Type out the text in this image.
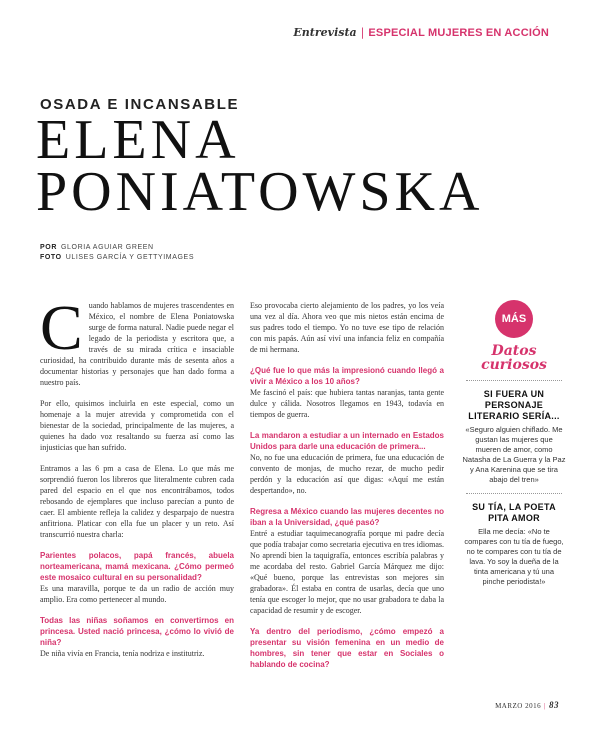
Entrevista | ESPECIAL MUJERES EN ACCIÓN
OSADA E INCANSABLE
ELENA
PONIATOWSKA
POR GLORIA AGUIAR GREEN
FOTO ULISES GARCÍA Y GETTYIMAGES

Cuando hablamos de mujeres trascendentes en México, el nombre de Elena Poniatowska surge de forma natural. Nadie puede negar el legado de la periodista y escritora que, a través de su mirada crítica e insaciable curiosidad, ha contribuido durante más de sesenta años a documentar historias y personajes que han dado forma a nuestro país.

Por ello, quisimos incluirla en este especial, como un homenaje a la mujer atrevida y comprometida con el bienestar de la sociedad, principalmente de las mujeres, a quienes ha dado voz resaltando su fuerza así como las injusticias que han sufrido.

Entramos a las 6 pm a casa de Elena. Lo que más me sorprendió fueron los libreros que literalmente cubren cada pared del espacio en el que nos encontrábamos, todos rebosando de ejemplares que incluso parecían a punto de caer. El ambiente refleja la calidez y desparpajo de nuestra anfitriona. Platicar con ella fue un placer y un reto. Así transcurrió nuestra charla:

Parientes polacos, papá francés, abuela norteamericana, mamá mexicana. ¿Cómo permeó este mosaico cultural en su personalidad?
Es una maravilla, porque te da un radio de acción muy amplio. Era como pertenecer al mundo.

Todas las niñas soñamos en convertirnos en princesa. Usted nació princesa, ¿cómo lo vivió de niña?
De niña vivía en Francia, tenía nodriza e institutriz.

Eso provocaba cierto alejamiento de los padres, yo los veía una vez al día. Ahora veo que mis nietos están encima de sus padres todo el tiempo. Yo no tuve ese tipo de relación con mis papás. Aún así viví una infancia feliz en compañía de mi hermana.

¿Qué fue lo que más la impresionó cuando llegó a vivir a México a los 10 años?
Me fascinó el país: que hubiera tantas naranjas, tanta gente dulce y cálida. Nosotros llegamos en 1943, todavía en tiempos de guerra.

La mandaron a estudiar a un internado en Estados Unidos para darle una educación de primera...
No, no fue una educación de primera, fue una educación de convento de monjas, de mucho rezar, de mucho pedir perdón y la educación así que digas: «Aquí me están despertando», no.

Regresa a México cuando las mujeres decentes no iban a la Universidad, ¿qué pasó?
Entré a estudiar taquimecanografía porque mi padre decía que podía trabajar como secretaria ejecutiva en tres idiomas. No aprendí bien la taquigrafía, entonces escribía palabras y me acordaba del resto. Gabriel García Márquez me dijo: «Qué bueno, porque las entrevistas son mejores sin grabadora». Él estaba en contra de usarlas, decía que uno tenía que escoger lo mejor, que no usar grabadora te daba la capacidad de resumir y de escoger.

Ya dentro del periodismo, ¿cómo empezó a presentar su visión femenina en un medio de hombres, sin tener que estar en Sociales o hablando de cocina?

MÁS
Datos curiosos
SI FUERA UN PERSONAJE LITERARIO SERÍA...
«Seguro alguien chiflado. Me gustan las mujeres que mueren de amor, como Natasha de La Guerra y la Paz y Ana Karenina que se tira abajo del tren»
SU TÍA, LA POETA PITA AMOR
Ella me decía: «No te compares con tu tía de fuego, no te compares con tu tía de lava. Yo soy la dueña de la tinta americana y tú una pinche periodista!»
MARZO 2016 | 83
